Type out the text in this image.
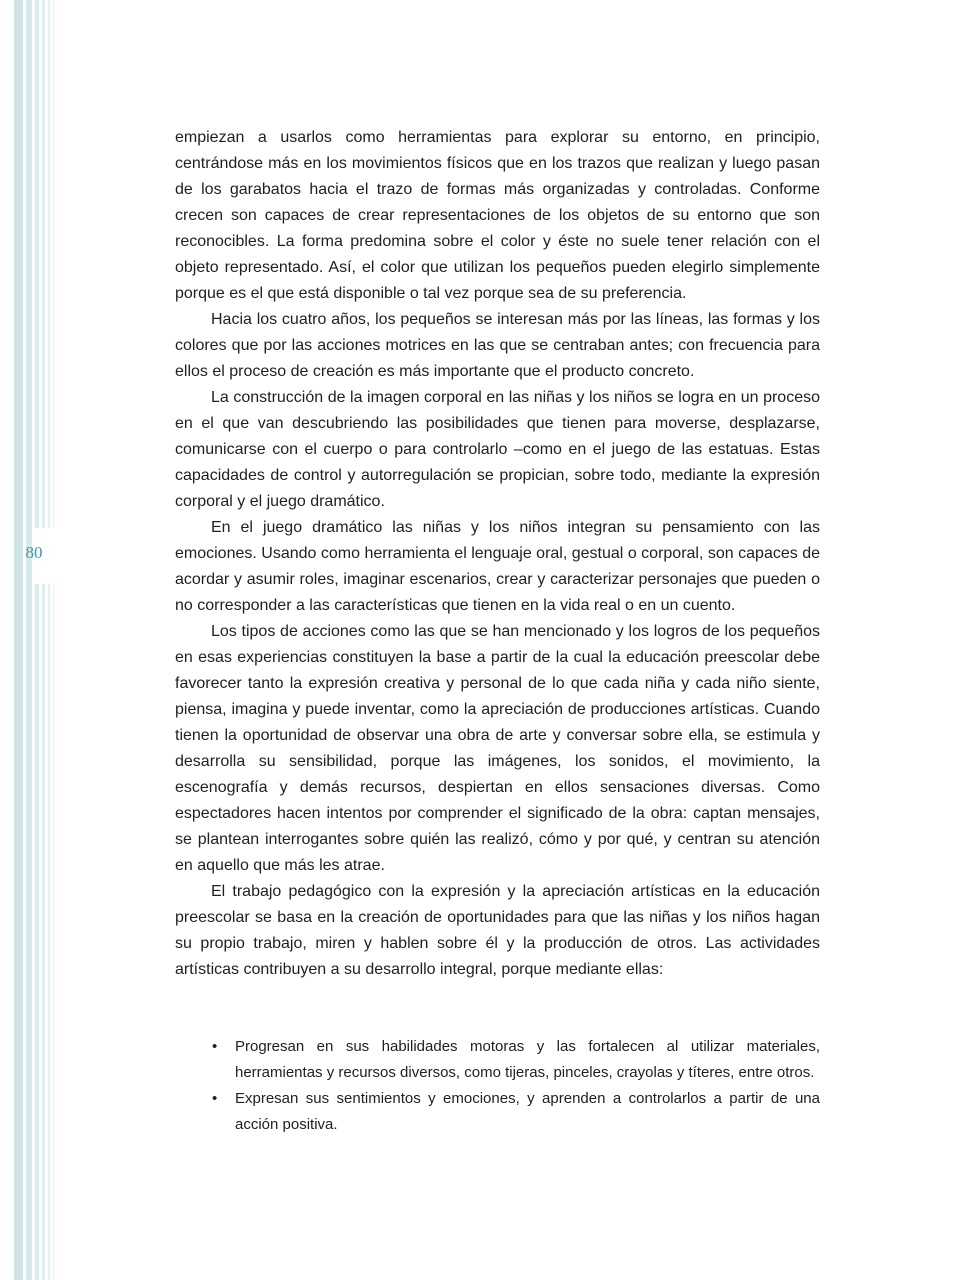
80

empiezan a usarlos como herramientas para explorar su entorno, en principio, centrándose más en los movimientos físicos que en los trazos que realizan y luego pasan de los garabatos hacia el trazo de formas más organizadas y controladas. Conforme crecen son capaces de crear representaciones de los objetos de su entorno que son reconocibles. La forma predomina sobre el color y éste no suele tener relación con el objeto representado. Así, el color que utilizan los pequeños pueden elegirlo simplemente porque es el que está disponible o tal vez porque sea de su preferencia.

Hacia los cuatro años, los pequeños se interesan más por las líneas, las formas y los colores que por las acciones motrices en las que se centraban antes; con frecuencia para ellos el proceso de creación es más importante que el producto concreto.

La construcción de la imagen corporal en las niñas y los niños se logra en un proceso en el que van descubriendo las posibilidades que tienen para moverse, desplazarse, comunicarse con el cuerpo o para controlarlo –como en el juego de las estatuas. Estas capacidades de control y autorregulación se propician, sobre todo, mediante la expresión corporal y el juego dramático.

En el juego dramático las niñas y los niños integran su pensamiento con las emociones. Usando como herramienta el lenguaje oral, gestual o corporal, son capaces de acordar y asumir roles, imaginar escenarios, crear y caracterizar personajes que pueden o no corresponder a las características que tienen en la vida real o en un cuento.

Los tipos de acciones como las que se han mencionado y los logros de los pequeños en esas experiencias constituyen la base a partir de la cual la educación preescolar debe favorecer tanto la expresión creativa y personal de lo que cada niña y cada niño siente, piensa, imagina y puede inventar, como la apreciación de producciones artísticas. Cuando tienen la oportunidad de observar una obra de arte y conversar sobre ella, se estimula y desarrolla su sensibilidad, porque las imágenes, los sonidos, el movimiento, la escenografía y demás recursos, despiertan en ellos sensaciones diversas. Como espectadores hacen intentos por comprender el significado de la obra: captan mensajes, se plantean interrogantes sobre quién las realizó, cómo y por qué, y centran su atención en aquello que más les atrae.

El trabajo pedagógico con la expresión y la apreciación artísticas en la educación preescolar se basa en la creación de oportunidades para que las niñas y los niños hagan su propio trabajo, miren y hablen sobre él y la producción de otros. Las actividades artísticas contribuyen a su desarrollo integral, porque mediante ellas:

• Progresan en sus habilidades motoras y las fortalecen al utilizar materiales, herramientas y recursos diversos, como tijeras, pinceles, crayolas y títeres, entre otros.
• Expresan sus sentimientos y emociones, y aprenden a controlarlos a partir de una acción positiva.
